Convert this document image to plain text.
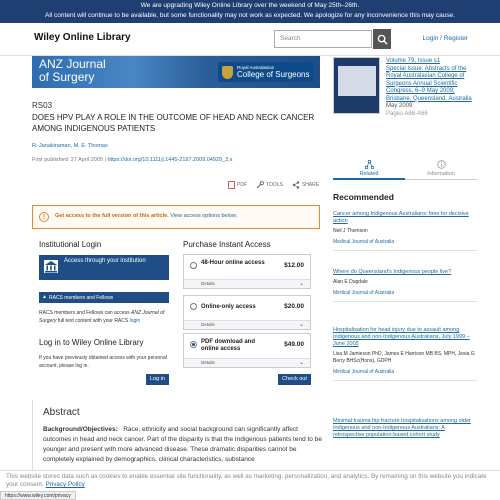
We are upgrading Wiley Online Library over the weekend of May 25th–26th.
All content will continue to be available, but some functionality may not work as expected. We apologize for any inconvenience this may cause.
Wiley Online Library	Search	Login / Register
ANZ Journal
of Surgery
Royal Australasian
College of Surgeons
Volume 79, Issue s1
Special Issue: Abstracts of the Royal Australasian College of Surgeons Annual Scientific Congress, 6–9 May 2009, Brisbane, Queensland, Australia
May 2009
Pages A66-A66
RS03
DOES HPV PLAY A ROLE IN THE OUTCOME OF HEAD AND NECK CANCER AMONG INDIGENOUS PATIENTS
R. Janakiraman, M. E. Thomas
First published: 27 April 2009 | https://doi.org/10.1111/j.1445-2197.2009.04929_3.x
PDF	TOOLS	SHARE
Related	Information
!	Get access to the full version of this article. View access options below.
Institutional Login
Access through your institution
▲ RACS members and Fellows
RACS members and Fellows can access ANZ Journal of Surgery full text content with your RACS login
Log in to Wiley Online Library
If you have previously obtained access with your personal account, please log in.
Log in
Purchase Instant Access
48-Hour online access	$12.00
Details	⌄
Online-only access	$20.00
Details	⌄
PDF download and online access
$49.00
Details	⌄
Check out
Abstract
Background/Objectives: Race, ethnicity and social background can significantly affect outcomes in head and neck cancer. Part of the disparity is that the Indigenous patients tend to be younger and present with more advanced disease. These dramatic disparities cannot be completely explained by demographics, clinical characteristics, substance
Recommended
Cancer among Indigenous Australians: time for decisive action
Neil J Thomson
Medical Journal of Australia
Where do Queensland's Indigenous people live?
Alan E Dugdale
Medical Journal of Australia
Hospitalisation for head injury due to assault among Indigenous and non-Indigenous Australians, July 1999 – June 2005
Lisa M Jamieson PhD, James E Harrison MB BS, MPH, Jesia G Berry BHSc(Hons), GDPH
Medical Journal of Australia
Minimal trauma hip fracture hospitalisations among older Indigenous and non-Indigenous Australians: A retrospective population-based cohort study
This website stores data such as cookies to enable essential site functionality, as well as marketing, personalization, and analytics. By remaining on this website you indicate your consent. Privacy Policy
https://www.wiley.com/privacy
